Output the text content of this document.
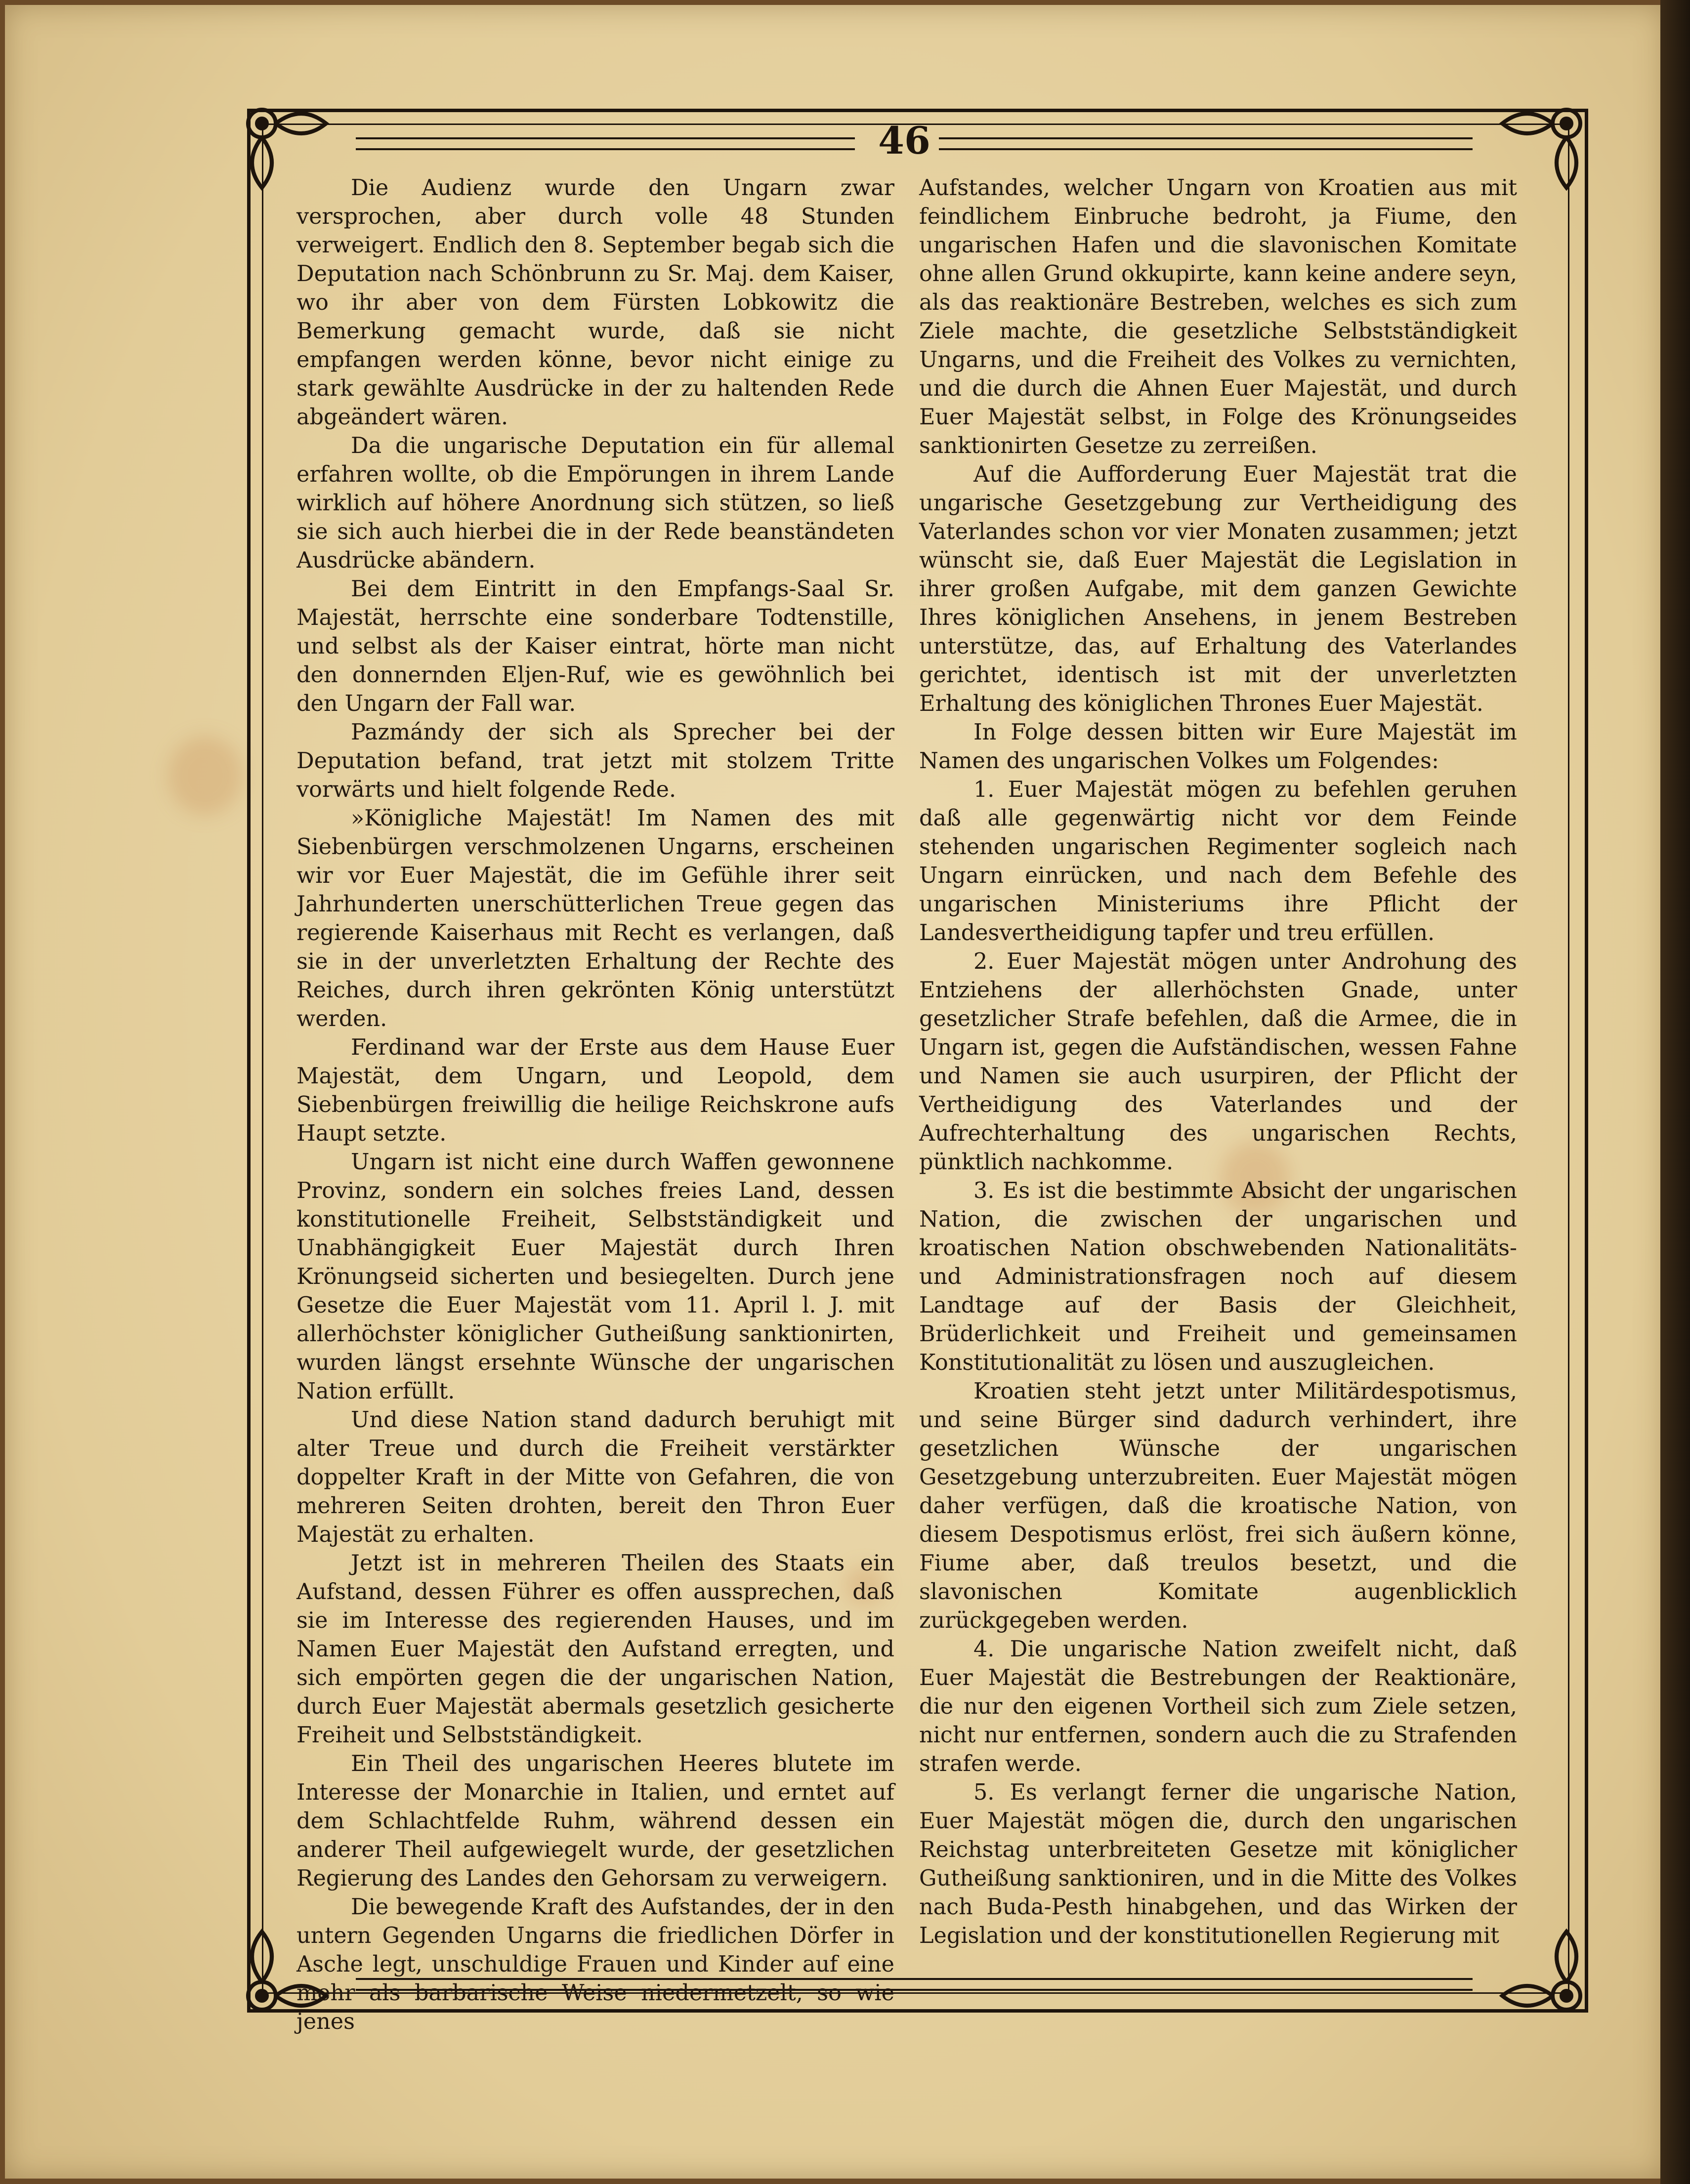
46

Die Audienz wurde den Ungarn zwar versprochen, aber durch volle 48 Stunden verweigert. Endlich den 8. September begab sich die Deputation nach Schönbrunn zu Sr. Maj. dem Kaiser, wo ihr aber von dem Fürsten Lobkowitz die Bemerkung gemacht wurde, daß sie nicht empfangen werden könne, bevor nicht einige zu stark gewählte Ausdrücke in der zu haltenden Rede abgeändert wären.

Da die ungarische Deputation ein für allemal erfahren wollte, ob die Empörungen in ihrem Lande wirklich auf höhere Anordnung sich stützen, so ließ sie sich auch hierbei die in der Rede beanständeten Ausdrücke abändern.

Bei dem Eintritt in den Empfangs-Saal Sr. Majestät, herrschte eine sonderbare Todtenstille, und selbst als der Kaiser eintrat, hörte man nicht den donnernden Eljen-Ruf, wie es gewöhnlich bei den Ungarn der Fall war.

Pazmándy der sich als Sprecher bei der Deputation befand, trat jetzt mit stolzem Tritte vorwärts und hielt folgende Rede.

»Königliche Majestät! Im Namen des mit Siebenbürgen verschmolzenen Ungarns, erscheinen wir vor Euer Majestät, die im Gefühle ihrer seit Jahrhunderten unerschütterlichen Treue gegen das regierende Kaiserhaus mit Recht es verlangen, daß sie in der unverletzten Erhaltung der Rechte des Reiches, durch ihren gekrönten König unterstützt werden.

Ferdinand war der Erste aus dem Hause Euer Majestät, dem Ungarn, und Leopold, dem Siebenbürgen freiwillig die heilige Reichskrone aufs Haupt setzte.

Ungarn ist nicht eine durch Waffen gewonnene Provinz, sondern ein solches freies Land, dessen konstitutionelle Freiheit, Selbstständigkeit und Unabhängigkeit Euer Majestät durch Ihren Krönungseid sicherten und besiegelten. Durch jene Gesetze die Euer Majestät vom 11. April l. J. mit allerhöchster königlicher Gutheißung sanktionirten, wurden längst ersehnte Wünsche der ungarischen Nation erfüllt.

Und diese Nation stand dadurch beruhigt mit alter Treue und durch die Freiheit verstärkter doppelter Kraft in der Mitte von Gefahren, die von mehreren Seiten drohten, bereit den Thron Euer Majestät zu erhalten.

Jetzt ist in mehreren Theilen des Staats ein Aufstand, dessen Führer es offen aussprechen, daß sie im Interesse des regierenden Hauses, und im Namen Euer Majestät den Aufstand erregten, und sich empörten gegen die der ungarischen Nation, durch Euer Majestät abermals gesetzlich gesicherte Freiheit und Selbstständigkeit.

Ein Theil des ungarischen Heeres blutete im Interesse der Monarchie in Italien, und erntet auf dem Schlachtfelde Ruhm, während dessen ein anderer Theil aufgewiegelt wurde, der gesetzlichen Regierung des Landes den Gehorsam zu verweigern.

Die bewegende Kraft des Aufstandes, der in den untern Gegenden Ungarns die friedlichen Dörfer in Asche legt, unschuldige Frauen und Kinder auf eine mehr als barbarische Weise niedermetzelt, so wie jenes

Aufstandes, welcher Ungarn von Kroatien aus mit feindlichem Einbruche bedroht, ja Fiume, den ungarischen Hafen und die slavonischen Komitate ohne allen Grund okkupirte, kann keine andere seyn, als das reaktionäre Bestreben, welches es sich zum Ziele machte, die gesetzliche Selbstständigkeit Ungarns, und die Freiheit des Volkes zu vernichten, und die durch die Ahnen Euer Majestät, und durch Euer Majestät selbst, in Folge des Krönungseides sanktionirten Gesetze zu zerreißen.

Auf die Aufforderung Euer Majestät trat die ungarische Gesetzgebung zur Vertheidigung des Vaterlandes schon vor vier Monaten zusammen; jetzt wünscht sie, daß Euer Majestät die Legislation in ihrer großen Aufgabe, mit dem ganzen Gewichte Ihres königlichen Ansehens, in jenem Bestreben unterstütze, das, auf Erhaltung des Vaterlandes gerichtet, identisch ist mit der unverletzten Erhaltung des königlichen Thrones Euer Majestät.

In Folge dessen bitten wir Eure Majestät im Namen des ungarischen Volkes um Folgendes:

1. Euer Majestät mögen zu befehlen geruhen daß alle gegenwärtig nicht vor dem Feinde stehenden ungarischen Regimenter sogleich nach Ungarn einrücken, und nach dem Befehle des ungarischen Ministeriums ihre Pflicht der Landesvertheidigung tapfer und treu erfüllen.

2. Euer Majestät mögen unter Androhung des Entziehens der allerhöchsten Gnade, unter gesetzlicher Strafe befehlen, daß die Armee, die in Ungarn ist, gegen die Aufständischen, wessen Fahne und Namen sie auch usurpiren, der Pflicht der Vertheidigung des Vaterlandes und der Aufrechterhaltung des ungarischen Rechts, pünktlich nachkomme.

3. Es ist die bestimmte Absicht der ungarischen Nation, die zwischen der ungarischen und kroatischen Nation obschwebenden Nationalitäts- und Administrationsfragen noch auf diesem Landtage auf der Basis der Gleichheit, Brüderlichkeit und Freiheit und gemeinsamen Konstitutionalität zu lösen und auszugleichen.

Kroatien steht jetzt unter Militärdespotismus, und seine Bürger sind dadurch verhindert, ihre gesetzlichen Wünsche der ungarischen Gesetzgebung unterzubreiten. Euer Majestät mögen daher verfügen, daß die kroatische Nation, von diesem Despotismus erlöst, frei sich äußern könne, Fiume aber, daß treulos besetzt, und die slavonischen Komitate augenblicklich zurückgegeben werden.

4. Die ungarische Nation zweifelt nicht, daß Euer Majestät die Bestrebungen der Reaktionäre, die nur den eigenen Vortheil sich zum Ziele setzen, nicht nur entfernen, sondern auch die zu Strafenden strafen werde.

5. Es verlangt ferner die ungarische Nation, Euer Majestät mögen die, durch den ungarischen Reichstag unterbreiteten Gesetze mit königlicher Gutheißung sanktioniren, und in die Mitte des Volkes nach Buda-Pesth hinabgehen, und das Wirken der Legislation und der konstitutionellen Regierung mit
